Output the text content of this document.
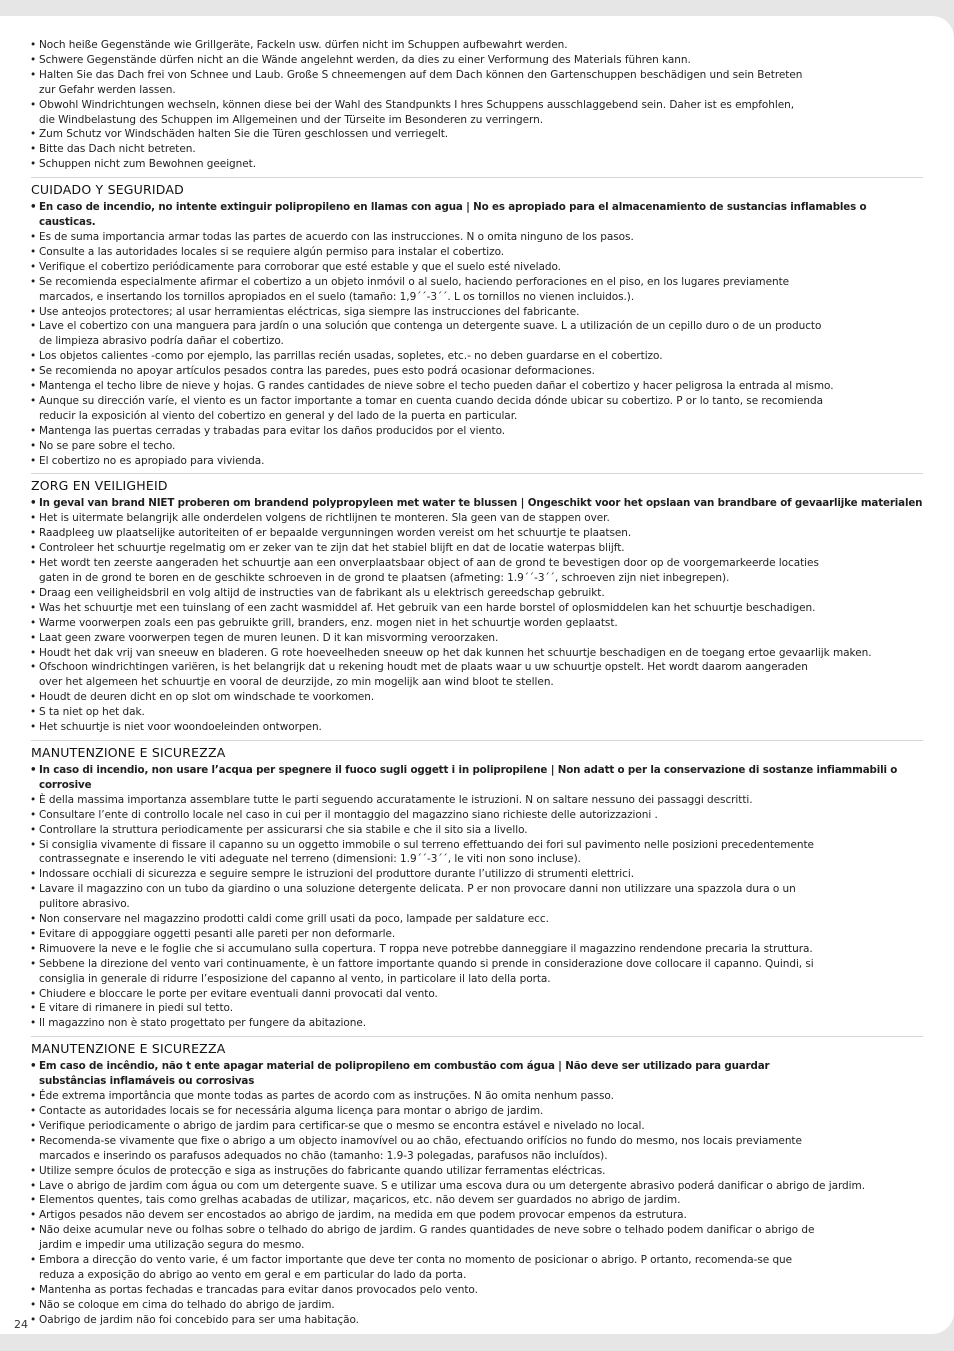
• Noch heiße Gegenstände wie Grillgeräte, Fackeln usw. dürfen nicht im Schuppen aufbewahrt werden.
• Schwere Gegenstände dürfen nicht an die Wände angelehnt werden, da dies zu einer Verformung des Materials führen kann.
• Halten Sie das Dach frei von Schnee und Laub. Große S chneemengen auf dem Dach können den Gartenschuppen beschädigen und sein Betreten
zur Gefahr werden lassen.
• Obwohl Windrichtungen wechseln, können diese bei der Wahl des Standpunkts I hres Schuppens ausschlaggebend sein. Daher ist es empfohlen,
die Windbelastung des Schuppen im Allgemeinen und der Türseite im Besonderen zu verringern.
• Zum Schutz vor Windschäden halten Sie die Türen geschlossen und verriegelt.
• Bitte das Dach nicht betreten.
• Schuppen nicht zum Bewohnen geeignet.
CUIDADO Y SEGURIDAD
• En caso de incendio, no intente extinguir polipropileno en llamas con agua | No es apropiado para el almacenamiento de sustancias inflamables o causticas.
• Es de suma importancia armar todas las partes de acuerdo con las instrucciones. N o omita ninguno de los pasos.
• Consulte a las autoridades locales si se requiere algún permiso para instalar el cobertizo.
• Verifique el cobertizo periódicamente para corroborar que esté estable y que el suelo esté nivelado.
• Se recomienda especialmente afirmar el cobertizo a un objeto inmóvil o al suelo, haciendo perforaciones en el piso, en los lugares previamente
marcados, e insertando los tornillos apropiados en el suelo (tamaño: 1,9´´-3´´. L os tornillos no vienen incluidos.).
• Use anteojos protectores; al usar herramientas eléctricas, siga siempre las instrucciones del fabricante.
• Lave el cobertizo con una manguera para jardín o una solución que contenga un detergente suave. L a utilización de un cepillo duro o de un producto
de limpieza abrasivo podría dañar el cobertizo.
• Los objetos calientes -como por ejemplo, las parrillas recién usadas, sopletes, etc.- no deben guardarse en el cobertizo.
• Se recomienda no apoyar artículos pesados contra las paredes, pues esto podrá ocasionar deformaciones.
• Mantenga el techo libre de nieve y hojas. G randes cantidades de nieve sobre el techo pueden dañar el cobertizo y hacer peligrosa la entrada al mismo.
• Aunque su dirección varíe, el viento es un factor importante a tomar en cuenta cuando decida dónde ubicar su cobertizo. P or lo tanto, se recomienda
reducir la exposición al viento del cobertizo en general y del lado de la puerta en particular.
• Mantenga las puertas cerradas y trabadas para evitar los daños producidos por el viento.
• No se pare sobre el techo.
• El cobertizo no es apropiado para vivienda.
ZORG EN VEILIGHEID
• In geval van brand NIET proberen om brandend polypropyleen met water te blussen | Ongeschikt voor het opslaan van brandbare of gevaarlijke materialen
• Het is uitermate belangrijk alle onderdelen volgens de richtlijnen te monteren. Sla geen van de stappen over.
• Raadpleeg uw plaatselijke autoriteiten of er bepaalde vergunningen worden vereist om het schuurtje te plaatsen.
• Controleer het schuurtje regelmatig om er zeker van te zijn dat het stabiel blijft en dat de locatie waterpas blijft.
• Het wordt ten zeerste aangeraden het schuurtje aan een onverplaatsbaar object of aan de grond te bevestigen door op de voorgemarkeerde locaties
gaten in de grond te boren en de geschikte schroeven in de grond te plaatsen (afmeting: 1.9´´-3´´, schroeven zijn niet inbegrepen).
• Draag een veiligheidsbril en volg altijd de instructies van de fabrikant als u elektrisch gereedschap gebruikt.
• Was het schuurtje met een tuinslang of een zacht wasmiddel af. Het gebruik van een harde borstel of oplosmiddelen kan het schuurtje beschadigen.
• Warme voorwerpen zoals een pas gebruikte grill, branders, enz. mogen niet in het schuurtje worden geplaatst.
• Laat geen zware voorwerpen tegen de muren leunen. D it kan misvorming veroorzaken.
• Houdt het dak vrij van sneeuw en bladeren. G rote hoeveelheden sneeuw op het dak kunnen het schuurtje beschadigen en de toegang ertoe gevaarlijk maken.
• Ofschoon windrichtingen variëren, is het belangrijk dat u rekening houdt met de plaats waar u uw schuurtje opstelt. Het wordt daarom aangeraden
over het algemeen het schuurtje en vooral de deurzijde, zo min mogelijk aan wind bloot te stellen.
• Houdt de deuren dicht en op slot om windschade te voorkomen.
• S ta niet op het dak.
• Het schuurtje is niet voor woondoeleinden ontworpen.
MANUTENZIONE E SICUREZZA
• In caso di incendio, non usare l’acqua per spegnere il fuoco sugli oggett i in polipropilene | Non adatt o per la conservazione di sostanze infiammabili o corrosive
• È della massima importanza assemblare tutte le parti seguendo accuratamente le istruzioni. N on saltare nessuno dei passaggi descritti.
• Consultare l’ente di controllo locale nel caso in cui per il montaggio del magazzino siano richieste delle autorizzazioni .
• Controllare la struttura periodicamente per assicurarsi che sia stabile e che il sito sia a livello.
• Si consiglia vivamente di fissare il capanno su un oggetto immobile o sul terreno effettuando dei fori sul pavimento nelle posizioni precedentemente
contrassegnate e inserendo le viti adeguate nel terreno (dimensioni: 1.9´´-3´´, le viti non sono incluse).
• Indossare occhiali di sicurezza e seguire sempre le istruzioni del produttore durante l’utilizzo di strumenti elettrici.
• Lavare il magazzino con un tubo da giardino o una soluzione detergente delicata. P er non provocare danni non utilizzare una spazzola dura o un
pulitore abrasivo.
• Non conservare nel magazzino prodotti caldi come grill usati da poco, lampade per saldature ecc.
• Evitare di appoggiare oggetti pesanti alle pareti per non deformarle.
• Rimuovere la neve e le foglie che si accumulano sulla copertura. T roppa neve potrebbe danneggiare il magazzino rendendone precaria la struttura.
• Sebbene la direzione del vento vari continuamente, è un fattore importante quando si prende in considerazione dove collocare il capanno. Quindi, si
consiglia in generale di ridurre l’esposizione del capanno al vento, in particolare il lato della porta.
• Chiudere e bloccare le porte per evitare eventuali danni provocati dal vento.
• E vitare di rimanere in piedi sul tetto.
• Il magazzino non è stato progettato per fungere da abitazione.
MANUTENZIONE E SICUREZZA
• Em caso de incêndio, não t ente apagar material de polipropileno em combustão com água | Não deve ser utilizado para guardar
substâncias inflamáveis ou corrosivas
• Éde extrema importância que monte todas as partes de acordo com as instruções. N ão omita nenhum passo.
• Contacte as autoridades locais se for necessária alguma licença para montar o abrigo de jardim.
• Verifique periodicamente o abrigo de jardim para certificar-se que o mesmo se encontra estável e nivelado no local.
• Recomenda-se vivamente que fixe o abrigo a um objecto inamovível ou ao chão, efectuando orifícios no fundo do mesmo, nos locais previamente
marcados e inserindo os parafusos adequados no chão (tamanho: 1.9-3 polegadas, parafusos não incluídos).
• Utilize sempre óculos de protecção e siga as instruções do fabricante quando utilizar ferramentas eléctricas.
• Lave o abrigo de jardim com água ou com um detergente suave. S e utilizar uma escova dura ou um detergente abrasivo poderá danificar o abrigo de jardim.
• Elementos quentes, tais como grelhas acabadas de utilizar, maçaricos, etc. não devem ser guardados no abrigo de jardim.
• Artigos pesados não devem ser encostados ao abrigo de jardim, na medida em que podem provocar empenos da estrutura.
• Não deixe acumular neve ou folhas sobre o telhado do abrigo de jardim. G randes quantidades de neve sobre o telhado podem danificar o abrigo de
jardim e impedir uma utilização segura do mesmo.
• Embora a direcção do vento varie, é um factor importante que deve ter conta no momento de posicionar o abrigo. P ortanto, recomenda-se que
reduza a exposição do abrigo ao vento em geral e em particular do lado da porta.
• Mantenha as portas fechadas e trancadas para evitar danos provocados pelo vento.
• Não se coloque em cima do telhado do abrigo de jardim.
• Oabrigo de jardim não foi concebido para ser uma habitação.
24
